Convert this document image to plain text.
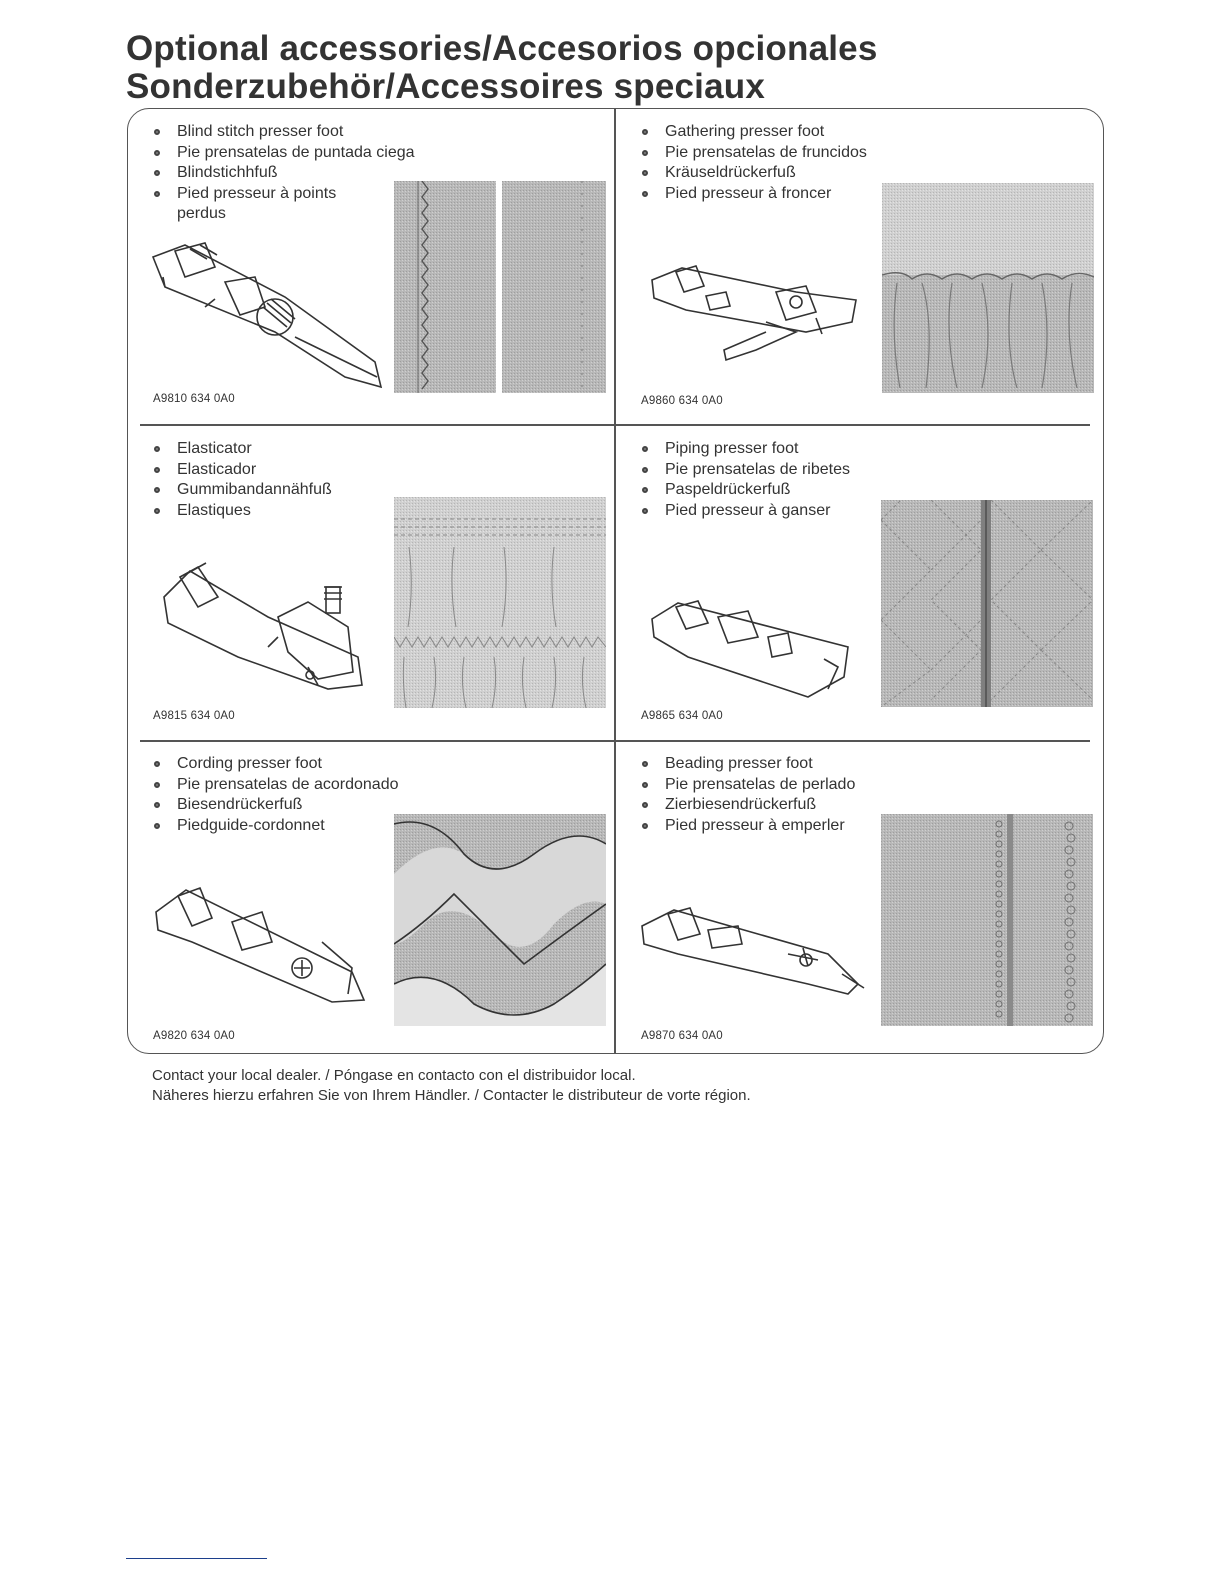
Optional accessories/Accesorios opcionales
Sonderzubehör/Accessoires speciaux
Blind stitch presser foot
Pie prensatelas de puntada ciega
Blindstichhfuß
Pied presseur à points perdus
A9810 634 0A0
Gathering presser foot
Pie prensatelas de fruncidos
Kräuseldrückerfuß
Pied presseur à froncer
A9860 634 0A0
Elasticator
Elasticador
Gummibandannähfuß
Elastiques
A9815 634 0A0
Piping presser foot
Pie prensatelas de ribetes
Paspeldrückerfuß
Pied presseur à ganser
A9865 634 0A0
Cording presser foot
Pie prensatelas de acordonado
Biesendrückerfuß
Piedguide-cordonnet
A9820 634 0A0
Beading presser foot
Pie prensatelas de perlado
Zierbiesendrückerfuß
Pied presseur à emperler
A9870 634 0A0

Contact your local dealer. / Póngase en contacto con el distribuidor local.

Näheres hierzu erfahren Sie von Ihrem Händler. / Contacter le distributeur de vorte région.
